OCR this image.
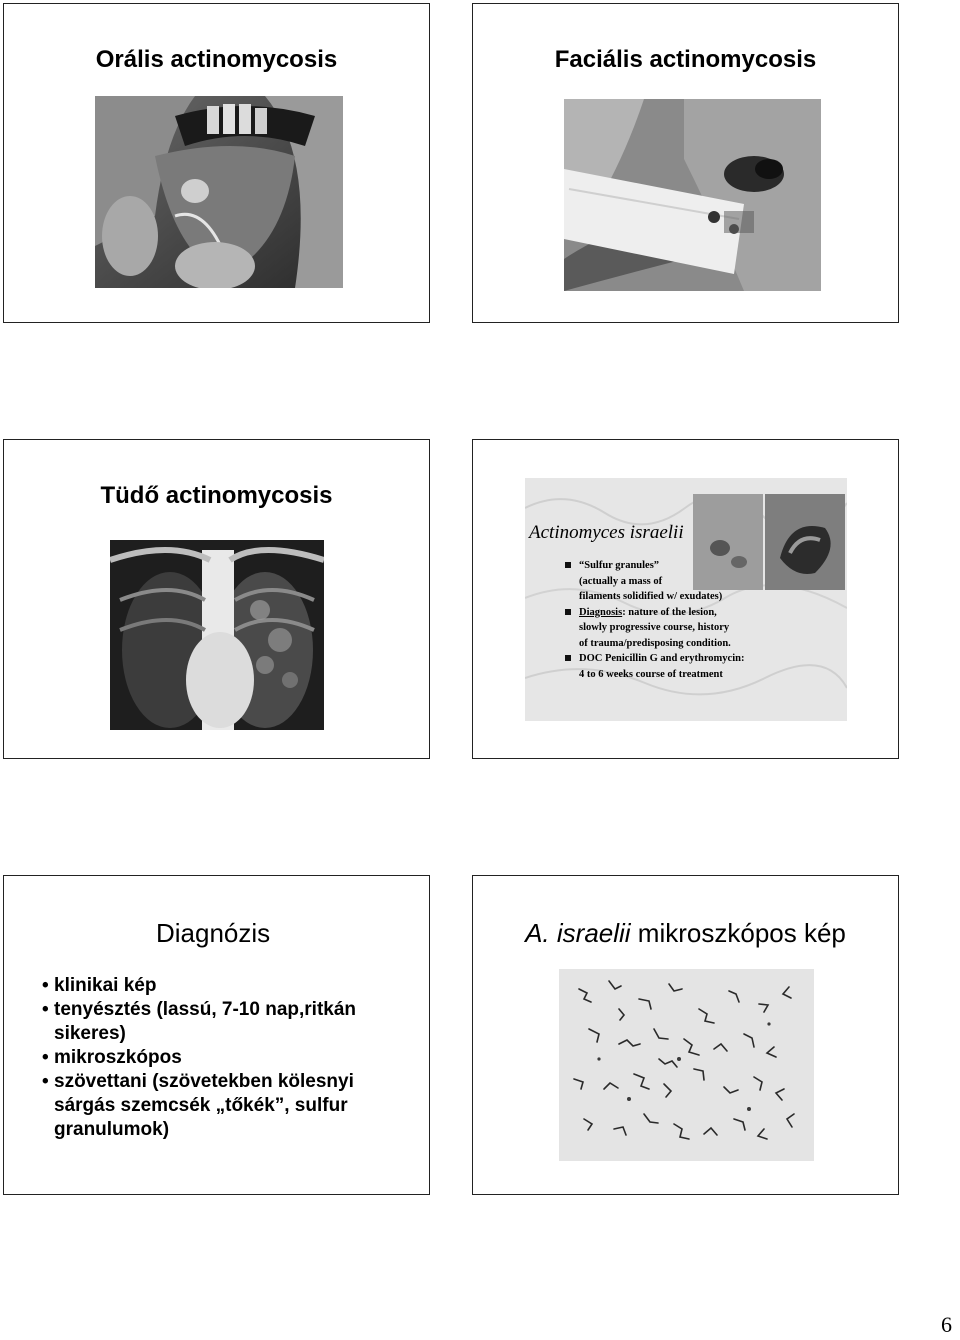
Orális actinomycosis	Faciális actinomycosis
Tüdő actinomycosis
Actinomyces israelii
“Sulfur granules”
(actually a mass of
filaments solidified w/ exudates)
Diagnosis: nature of the lesion,
slowly progressive course, history
of trauma/predisposing condition.
DOC Penicillin G and erythromycin:
4 to 6 weeks course of treatment
Diagnózis
• klinikai kép
• tenyésztés (lassú, 7-10 nap,ritkán sikeres)
• mikroszkópos
• szövettani (szövetekben kölesnyi sárgás szemcsék „tőkék”, sulfur granulumok)
A. israelii mikroszkópos kép
6
